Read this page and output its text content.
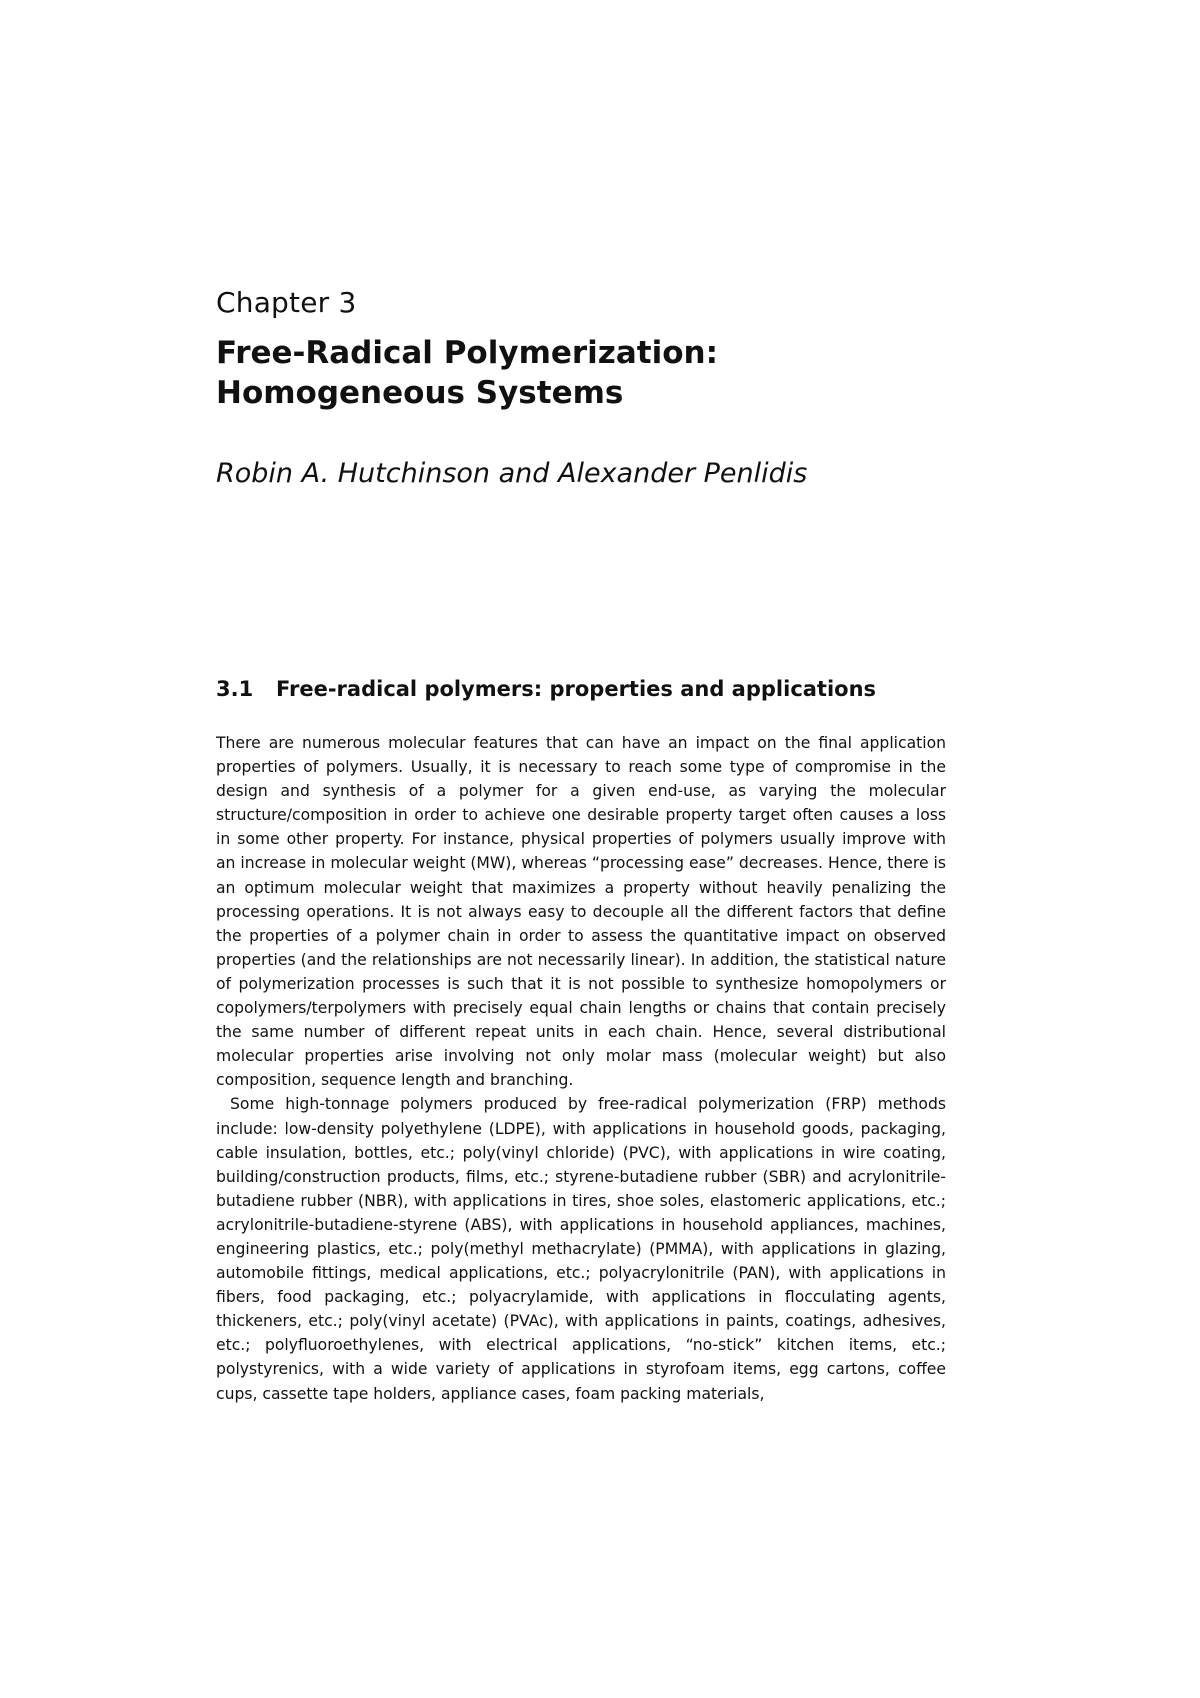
Chapter 3
Free-Radical Polymerization:
Homogeneous Systems
Robin A. Hutchinson and Alexander Penlidis
3.1 Free-radical polymers: properties and applications

There are numerous molecular features that can have an impact on the final application properties of polymers. Usually, it is necessary to reach some type of compromise in the design and synthesis of a polymer for a given end-use, as varying the molecular structure/composition in order to achieve one desirable property target often causes a loss in some other property. For instance, physical properties of polymers usually improve with an increase in molecular weight (MW), whereas “processing ease” decreases. Hence, there is an optimum molecular weight that maximizes a property without heavily penalizing the processing operations. It is not always easy to decouple all the different factors that define the properties of a polymer chain in order to assess the quantitative impact on observed properties (and the relationships are not necessarily linear). In addition, the statistical nature of polymerization processes is such that it is not possible to synthesize homopolymers or copolymers/terpolymers with precisely equal chain lengths or chains that contain precisely the same number of different repeat units in each chain. Hence, several distributional molecular properties arise involving not only molar mass (molecular weight) but also composition, sequence length and branching.

Some high-tonnage polymers produced by free-radical polymerization (FRP) methods include: low-density polyethylene (LDPE), with applications in household goods, packaging, cable insulation, bottles, etc.; poly(vinyl chloride) (PVC), with applications in wire coating, building/construction products, films, etc.; styrene-butadiene rubber (SBR) and acrylonitrile-butadiene rubber (NBR), with applications in tires, shoe soles, elastomeric applications, etc.; acrylonitrile-butadiene-styrene (ABS), with applications in household appliances, machines, engineering plastics, etc.; poly(methyl methacrylate) (PMMA), with applications in glazing, automobile fittings, medical applications, etc.; polyacrylonitrile (PAN), with applications in fibers, food packaging, etc.; polyacrylamide, with applications in flocculating agents, thickeners, etc.; poly(vinyl acetate) (PVAc), with applications in paints, coatings, adhesives, etc.; polyfluoroethylenes, with electrical applications, “no-stick” kitchen items, etc.; polystyrenics, with a wide variety of applications in styrofoam items, egg cartons, coffee cups, cassette tape holders, appliance cases, foam packing materials,
